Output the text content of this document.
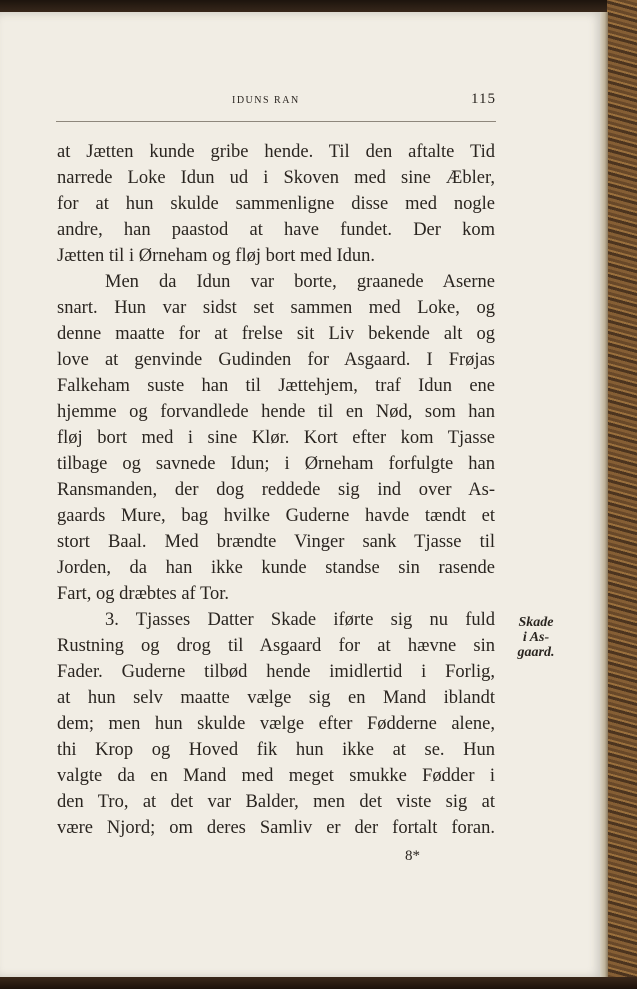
IDUNS RAN	115
at Jætten kunde gribe hende. Til den aftalte Tid
narrede Loke Idun ud i Skoven med sine Æbler,
for at hun skulde sammenligne disse med nogle
andre, han paastod at have fundet. Der kom
Jætten til i Ørneham og fløj bort med Idun.
Men da Idun var borte, graanede Aserne
snart. Hun var sidst set sammen med Loke, og
denne maatte for at frelse sit Liv bekende alt og
love at genvinde Gudinden for Asgaard. I Frøjas
Falkeham suste han til Jættehjem, traf Idun ene
hjemme og forvandlede hende til en Nød, som han
fløj bort med i sine Klør. Kort efter kom Tjasse
tilbage og savnede Idun; i Ørneham forfulgte han
Ransmanden, der dog reddede sig ind over As-
gaards Mure, bag hvilke Guderne havde tændt et
stort Baal. Med brændte Vinger sank Tjasse til
Jorden, da han ikke kunde standse sin rasende
Fart, og dræbtes af Tor.
3. Tjasses Datter Skade iførte sig nu fuld
Rustning og drog til Asgaard for at hævne sin
Fader. Guderne tilbød hende imidlertid i Forlig,
at hun selv maatte vælge sig en Mand iblandt
dem; men hun skulde vælge efter Fødderne alene,
thi Krop og Hoved fik hun ikke at se. Hun
valgte da en Mand med meget smukke Fødder i
den Tro, at det var Balder, men det viste sig at
være Njord; om deres Samliv er der fortalt foran.
Skade
i As-
gaard.
8*
